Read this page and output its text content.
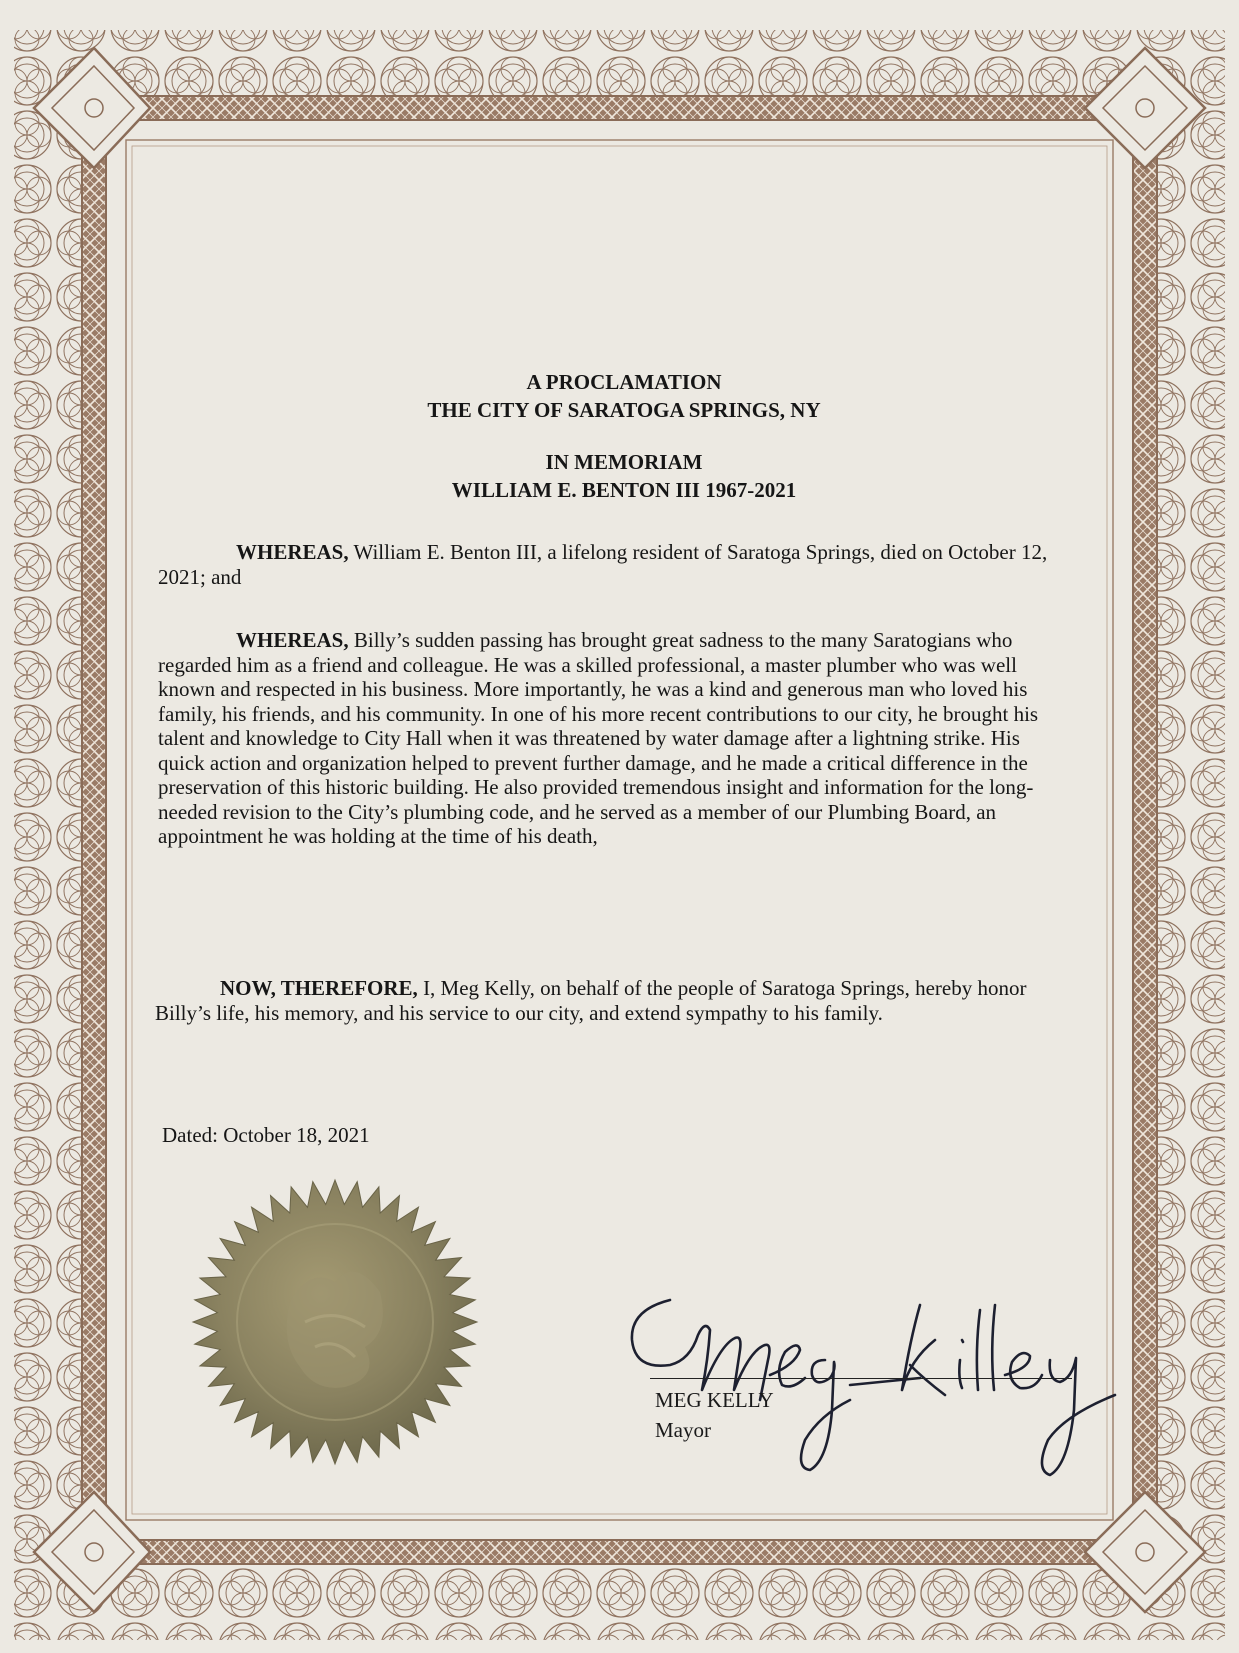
A PROCLAMATION
THE CITY OF SARATOGA SPRINGS, NY
IN MEMORIAM
WILLIAM E. BENTON III 1967-2021

WHEREAS, William E. Benton III, a lifelong resident of Saratoga Springs, died on October 12, 2021; and

WHEREAS, Billy’s sudden passing has brought great sadness to the many Saratogians who regarded him as a friend and colleague. He was a skilled professional, a master plumber who was well known and respected in his business. More importantly, he was a kind and generous man who loved his family, his friends, and his community. In one of his more recent contributions to our city, he brought his talent and knowledge to City Hall when it was threatened by water damage after a lightning strike. His quick action and organization helped to prevent further damage, and he made a critical difference in the preservation of this historic building. He also provided tremendous insight and information for the long-needed revision to the City’s plumbing code, and he served as a member of our Plumbing Board, an appointment he was holding at the time of his death,

NOW, THEREFORE, I, Meg Kelly, on behalf of the people of Saratoga Springs, hereby honor Billy’s life, his memory, and his service to our city, and extend sympathy to his family.

Dated: October 18, 2021
MEG KELLY
Mayor
